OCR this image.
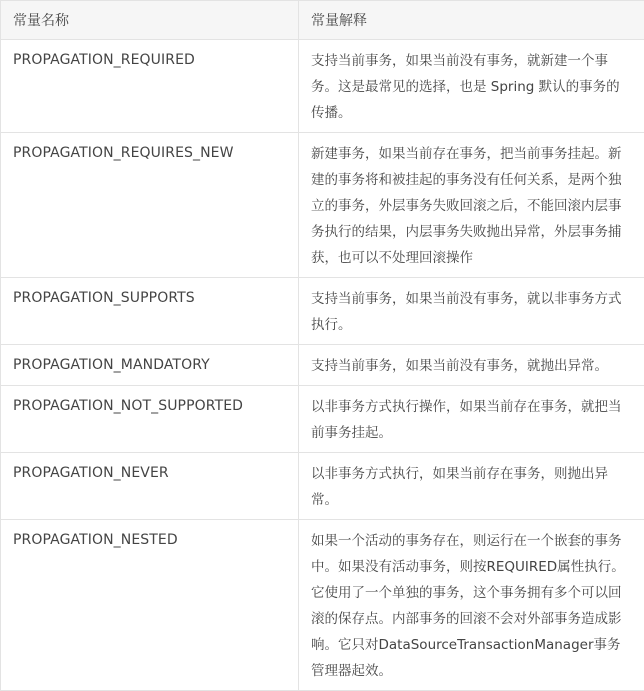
常量名称	常量解释
PROPAGATION_REQUIRED	支持当前事务，如果当前没有事务，就新建一个事务。这是最常见的选择，也是 Spring 默认的事务的传播。
PROPAGATION_REQUIRES_NEW	新建事务，如果当前存在事务，把当前事务挂起。新建的事务将和被挂起的事务没有任何关系，是两个独立的事务，外层事务失败回滚之后，不能回滚内层事务执行的结果，内层事务失败抛出异常，外层事务捕获，也可以不处理回滚操作
PROPAGATION_SUPPORTS	支持当前事务，如果当前没有事务，就以非事务方式执行。
PROPAGATION_MANDATORY	支持当前事务，如果当前没有事务，就抛出异常。
PROPAGATION_NOT_SUPPORTED	以非事务方式执行操作，如果当前存在事务，就把当前事务挂起。
PROPAGATION_NEVER	以非事务方式执行，如果当前存在事务，则抛出异常。
PROPAGATION_NESTED	如果一个活动的事务存在，则运行在一个嵌套的事务中。如果没有活动事务，则按REQUIRED属性执行。它使用了一个单独的事务，这个事务拥有多个可以回滚的保存点。内部事务的回滚不会对外部事务造成影响。它只对DataSourceTransactionManager事务管理器起效。
